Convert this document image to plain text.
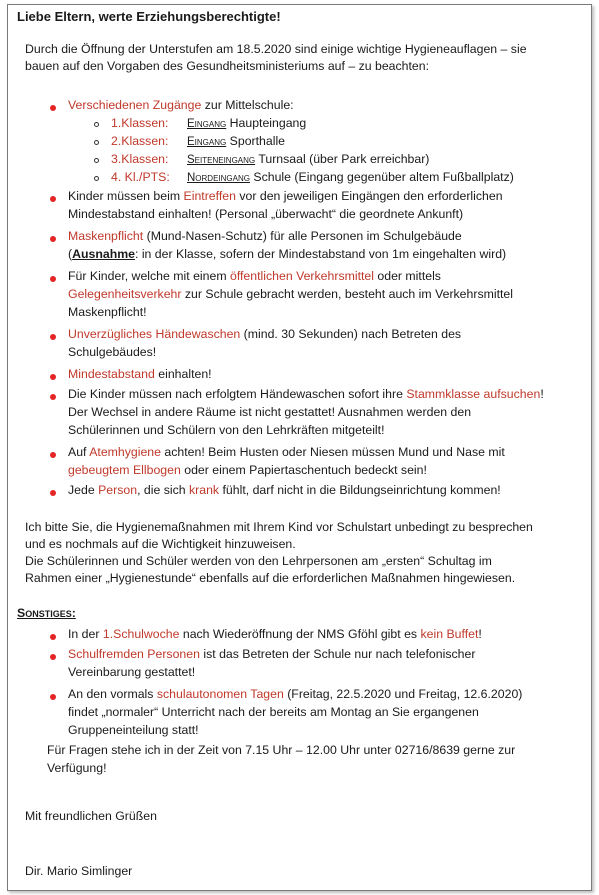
Liebe Eltern, werte Erziehungsberechtigte!
Durch die Öffnung der Unterstufen am 18.5.2020 sind einige wichtige Hygieneauflagen – sie
bauen auf den Vorgaben des Gesundheitsministeriums auf – zu beachten:
Verschiedenen Zugänge zur Mittelschule:
1.Klassen: Eingang Haupteingang
2.Klassen: Eingang Sporthalle
3.Klassen: Seiteneingang Turnsaal (über Park erreichbar)
4. Kl./PTS: Nordeingang Schule (Eingang gegenüber altem Fußballplatz)
Kinder müssen beim Eintreffen vor den jeweiligen Eingängen den erforderlichen
Mindestabstand einhalten! (Personal „überwacht“ die geordnete Ankunft)
Maskenpflicht (Mund-Nasen-Schutz) für alle Personen im Schulgebäude
(Ausnahme: in der Klasse, sofern der Mindestabstand von 1m eingehalten wird)
Für Kinder, welche mit einem öffentlichen Verkehrsmittel oder mittels
Gelegenheitsverkehr zur Schule gebracht werden, besteht auch im Verkehrsmittel
Maskenpflicht!
Unverzügliches Händewaschen (mind. 30 Sekunden) nach Betreten des
Schulgebäudes!
Mindestabstand einhalten!
Die Kinder müssen nach erfolgtem Händewaschen sofort ihre Stammklasse aufsuchen!
Der Wechsel in andere Räume ist nicht gestattet! Ausnahmen werden den
Schülerinnen und Schülern von den Lehrkräften mitgeteilt!
Auf Atemhygiene achten! Beim Husten oder Niesen müssen Mund und Nase mit
gebeugtem Ellbogen oder einem Papiertaschentuch bedeckt sein!
Jede Person, die sich krank fühlt, darf nicht in die Bildungseinrichtung kommen!
Ich bitte Sie, die Hygienemaßnahmen mit Ihrem Kind vor Schulstart unbedingt zu besprechen
und es nochmals auf die Wichtigkeit hinzuweisen.
Die Schülerinnen und Schüler werden von den Lehrpersonen am „ersten“ Schultag im
Rahmen einer „Hygienestunde“ ebenfalls auf die erforderlichen Maßnahmen hingewiesen.
Sonstiges:
In der 1.Schulwoche nach Wiederöffnung der NMS Gföhl gibt es kein Buffet!
Schulfremden Personen ist das Betreten der Schule nur nach telefonischer
Vereinbarung gestattet!
An den vormals schulautonomen Tagen (Freitag, 22.5.2020 und Freitag, 12.6.2020)
findet „normaler“ Unterricht nach der bereits am Montag an Sie ergangenen
Gruppeneinteilung statt!
Für Fragen stehe ich in der Zeit von 7.15 Uhr – 12.00 Uhr unter 02716/8639 gerne zur
Verfügung!
Mit freundlichen Grüßen
Dir. Mario Simlinger
